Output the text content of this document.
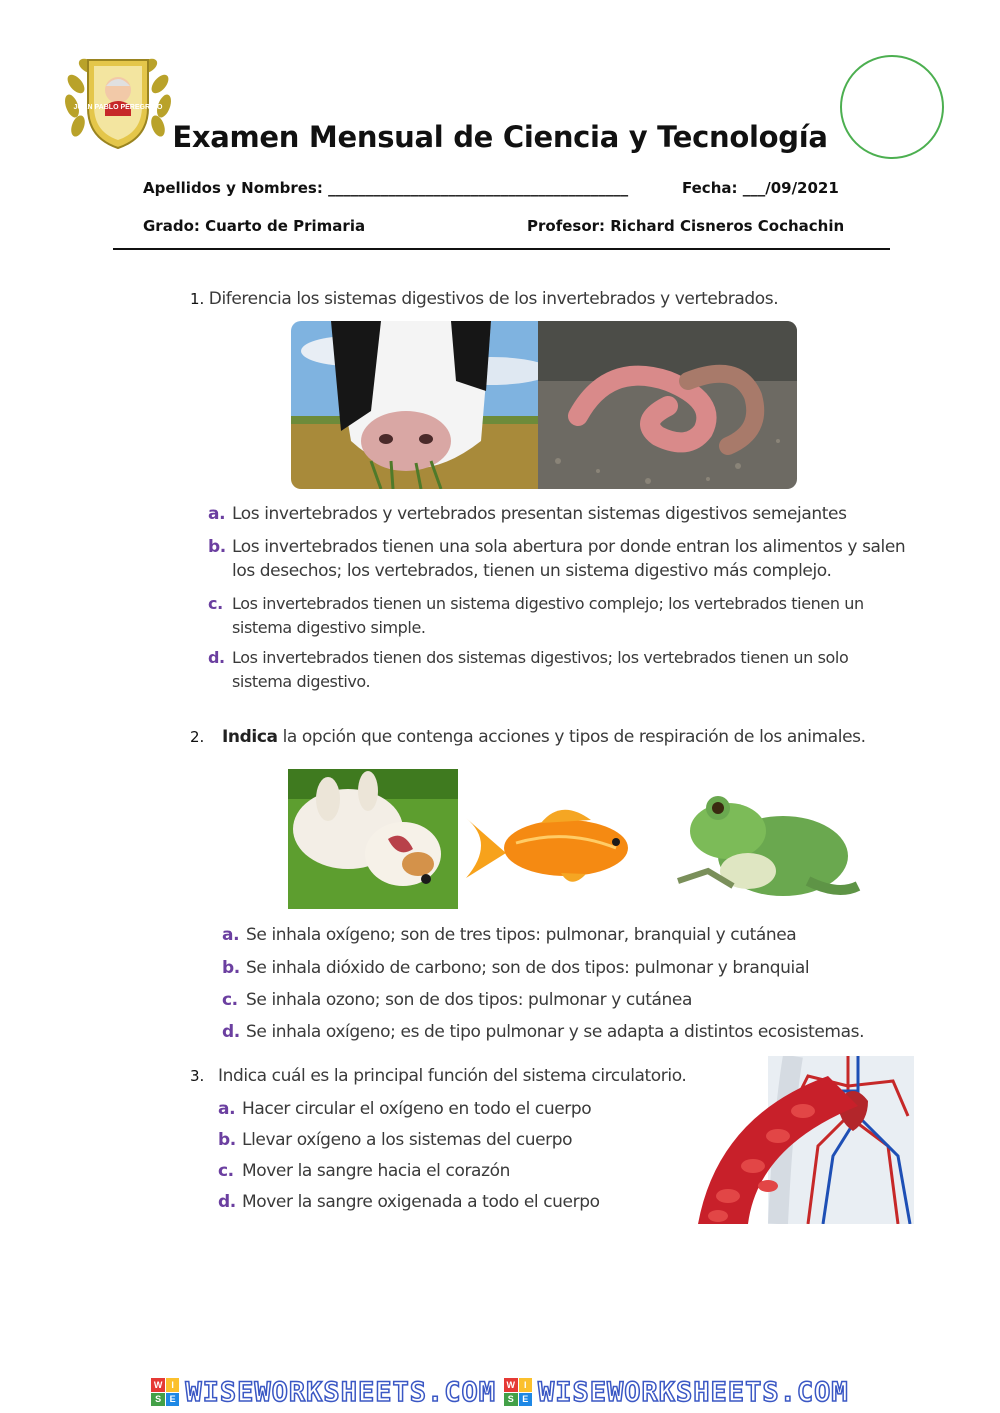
JUAN PABLO PEREGRINO
Examen Mensual de Ciencia y Tecnología
Apellidos y Nombres: ________________________________________	Fecha: ___/09/2021
Grado: Cuarto de Primaria	Profesor: Richard Cisneros Cochachin
1. Diferencia los sistemas digestivos de los invertebrados y vertebrados.
a. Los invertebrados y vertebrados presentan sistemas digestivos semejantes
b. Los invertebrados tienen una sola abertura por donde entran los alimentos y salen los desechos; los vertebrados, tienen un sistema digestivo más complejo.
c. Los invertebrados tienen un sistema digestivo complejo; los vertebrados tienen un sistema digestivo simple.
d. Los invertebrados tienen dos sistemas digestivos; los vertebrados tienen un solo sistema digestivo.
2. Indica la opción que contenga acciones y tipos de respiración de los animales.
a. Se inhala oxígeno; son de tres tipos: pulmonar, branquial y cutánea
b. Se inhala dióxido de carbono; son de dos tipos: pulmonar y branquial
c. Se inhala ozono; son de dos tipos: pulmonar y cutánea
d. Se inhala oxígeno; es de tipo pulmonar y se adapta a distintos ecosistemas.
3. Indica cuál es la principal función del sistema circulatorio.
a. Hacer circular el oxígeno en todo el cuerpo
b. Llevar oxígeno a los sistemas del cuerpo
c. Mover la sangre hacia el corazón
d. Mover la sangre oxigenada a todo el cuerpo
W I
S E WISEWORKSHEETS.COM W I
S E WISEWORKSHEETS.COM
